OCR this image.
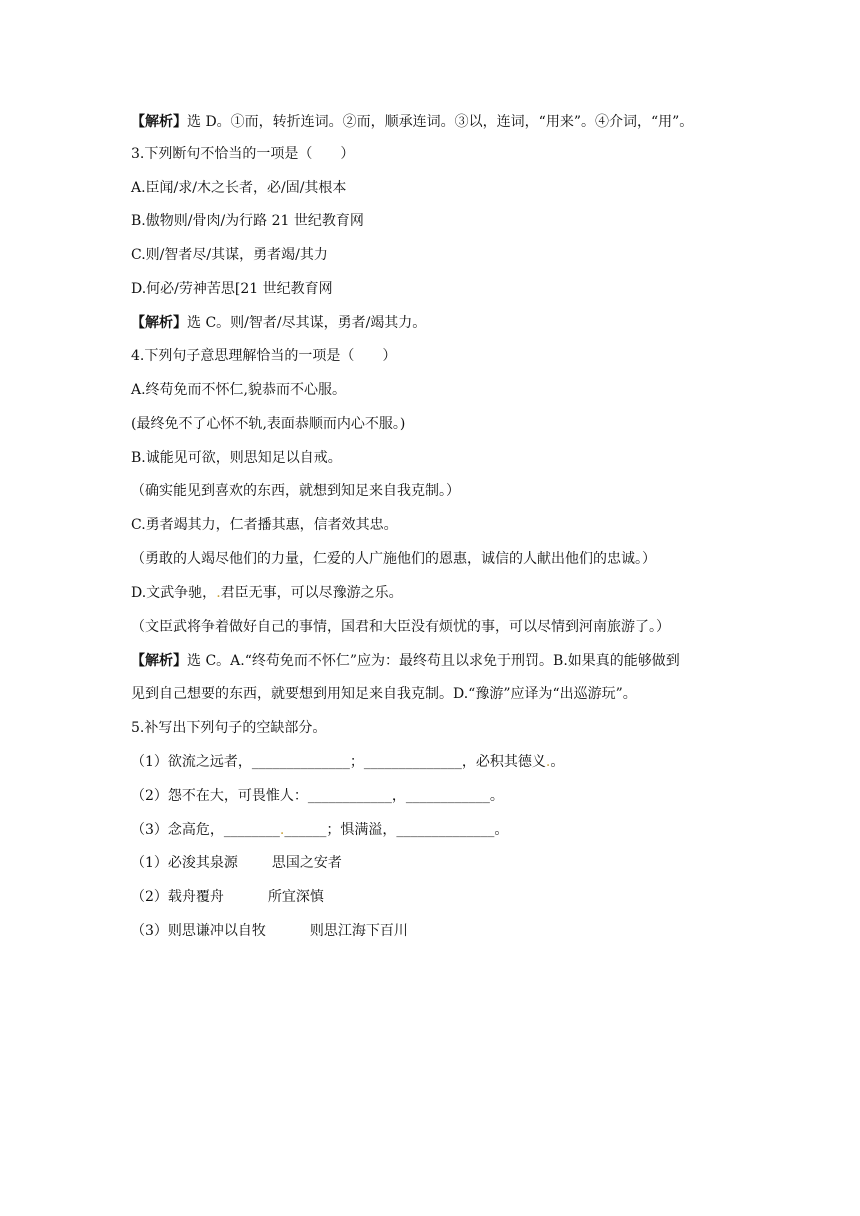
【解析】选 D。①而，转折连词。②而，顺承连词。③以，连词，“用来”。④介词，“用”。
3.下列断句不恰当的一项是（　　）
A.臣闻/求/木之长者，必/固/其根本
B.傲物则/骨肉/为行路 21 世纪教育网
C.则/智者尽/其谋，勇者竭/其力
D.何必/劳神苦思[21 世纪教育网
【解析】选 C。则/智者/尽其谋，勇者/竭其力。
4.下列句子意思理解恰当的一项是（　　）
A.终苟免而不怀仁,貌恭而不心服。
(最终免不了心怀不轨,表面恭顺而内心不服。)
B.诚能见可欲，则思知足以自戒。
（确实能见到喜欢的东西，就想到知足来自我克制。）
C.勇者竭其力，仁者播其惠，信者效其忠。
（勇敢的人竭尽他们的力量，仁爱的人广施他们的恩惠，诚信的人献出他们的忠诚。）
D.文武争驰，.君臣无事，可以尽豫游之乐。
（文臣武将争着做好自己的事情，国君和大臣没有烦忧的事，可以尽情到河南旅游了。）
【解析】选 C。A.“终苟免而不怀仁”应为：最终苟且以求免于刑罚。B.如果真的能够做到
见到自己想要的东西，就要想到用知足来自我克制。D.“豫游”应译为“出巡游玩”。
5.补写出下列句子的空缺部分。
（1）欲流之远者，______________；______________，必积其德义.。
（2）怨不在大，可畏惟人：____________，____________。
（3）念高危，________.______；惧满溢，______________。
（1）必浚其泉源 思国之安者
（2）载舟覆舟	所宜深慎
（3）则思谦冲以自牧	则思江海下百川
